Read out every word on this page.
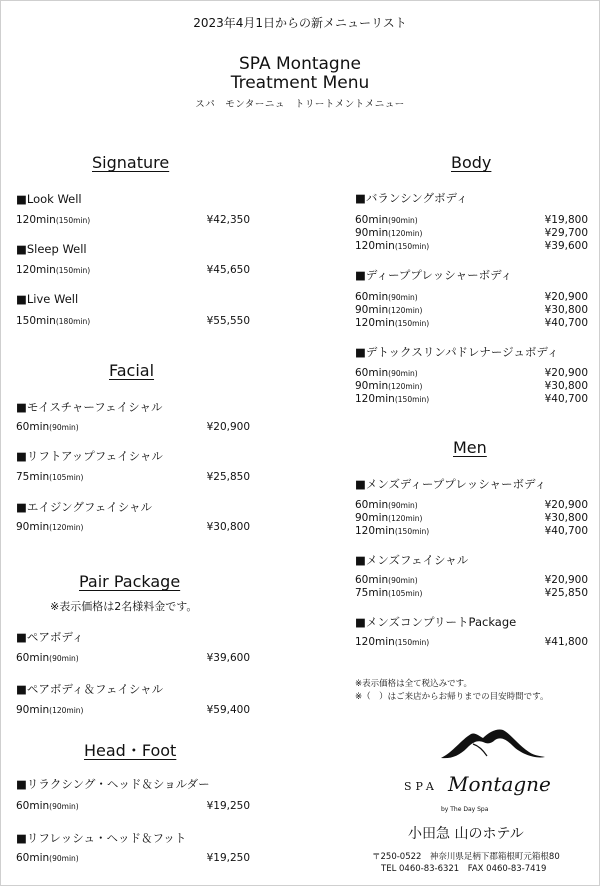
2023年4月1日からの新メニューリスト
SPA Montagne
Treatment Menu
スパ　モンターニュ　トリートメントメニュー
Signature
■Look Well
120min(150min)	¥42,350
■Sleep Well
120min(150min)	¥45,650
■Live Well
150min(180min)	¥55,550
Facial
■モイスチャーフェイシャル
60min(90min)	¥20,900
■リフトアップフェイシャル
75min(105min)	¥25,850
■エイジングフェイシャル
90min(120min)	¥30,800
Pair Package
※表示価格は2名様料金です。
■ペアボディ
60min(90min)	¥39,600
■ペアボディ＆フェイシャル
90min(120min)	¥59,400
Head・Foot
■リラクシング・ヘッド＆ショルダー
60min(90min)	¥19,250
■リフレッシュ・ヘッド＆フット
60min(90min)	¥19,250
Body
■バランシングボディ
60min(90min)	¥19,800
90min(120min)	¥29,700
120min(150min)	¥39,600
■ディーププレッシャーボディ
60min(90min)	¥20,900
90min(120min)	¥30,800
120min(150min)	¥40,700
■デトックスリンパドレナージュボディ
60min(90min)	¥20,900
90min(120min)	¥30,800
120min(150min)	¥40,700
Men
■メンズディーププレッシャーボディ
60min(90min)	¥20,900
90min(120min)	¥30,800
120min(150min)	¥40,700
■メンズフェイシャル
60min(90min)	¥20,900
75min(105min)	¥25,850
■メンズコンプリートPackage
120min(150min)	¥41,800
※表示価格は全て税込みです。
※（　）はご来店からお帰りまでの目安時間です。
SPA Montagne
by The Day Spa
小田急 山のホテル
〒250-0522　神奈川県足柄下郡箱根町元箱根80
TEL 0460-83-6321　FAX 0460-83-7419
